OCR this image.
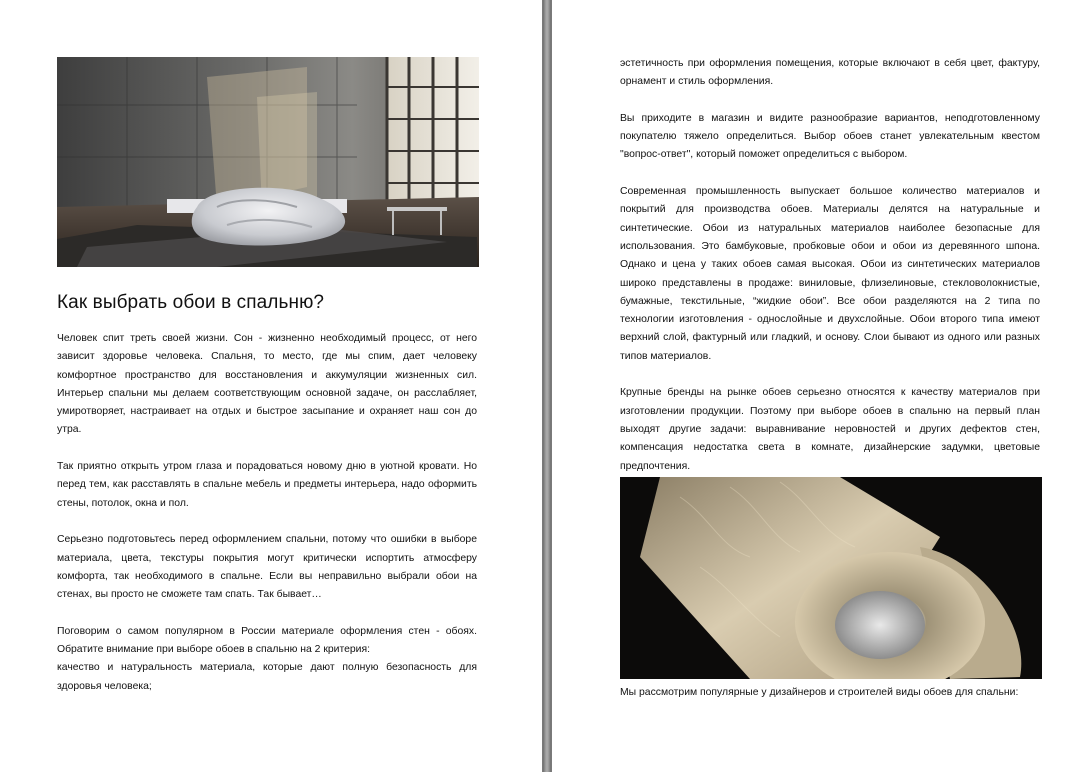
Как выбрать обои в спальню?

Человек спит треть своей жизни. Сон - жизненно необходимый процесс, от него зависит здоровье человека. Спальня, то место, где мы спим, дает человеку комфортное пространство для восстановления и аккумуляции жизненных сил. Интерьер спальни мы делаем соответствующим основной задаче, он расслабляет, умиротворяет, настраивает на отдых и быстрое засыпание и охраняет наш сон до утра.

Так приятно открыть утром глаза и порадоваться новому дню в уютной кровати. Но перед тем, как расставлять в спальне мебель и предметы интерьера, надо оформить стены, потолок, окна и пол.

Серьезно подготовьтесь перед оформлением спальни, потому что ошибки в выборе материала, цвета, текстуры покрытия могут критически испортить атмосферу комфорта, так необходимого в спальне. Если вы неправильно выбрали обои на стенах, вы просто не сможете там спать. Так бывает…

Поговорим о самом популярном в России материале оформления стен - обоях. Обратите внимание при выборе обоев в спальню на 2 критерия:

качество и натуральность материала, которые дают полную безопасность для здоровья человека;

эстетичность при оформления помещения, которые включают в себя цвет, фактуру, орнамент и стиль оформления.

Вы приходите в магазин и видите разнообразие вариантов, неподготовленному покупателю тяжело определиться. Выбор обоев станет увлекательным квестом "вопрос-ответ", который поможет определиться с выбором.

Современная промышленность выпускает большое количество материалов и покрытий для производства обоев. Материалы делятся на натуральные и синтетические. Обои из натуральных материалов наиболее безопасные для использования. Это бамбуковые, пробковые обои и обои из деревянного шпона. Однако и цена у таких обоев самая высокая. Обои из синтетических материалов широко представлены в продаже: виниловые, флизелиновые, стекловолокнистые, бумажные, текстильные, “жидкие обои”. Все обои разделяются на 2 типа по технологии изготовления - однослойные и двухслойные. Обои второго типа имеют верхний слой, фактурный или гладкий, и основу. Слои бывают из одного или разных типов материалов.

Крупные бренды на рынке обоев серьезно относятся к качеству материалов при изготовлении продукции. Поэтому при выборе обоев в спальню на первый план выходят другие задачи: выравнивание неровностей и других дефектов стен, компенсация недостатка света в комнате, дизайнерские задумки, цветовые предпочтения.

Мы рассмотрим популярные у дизайнеров и строителей виды обоев для спальни:
